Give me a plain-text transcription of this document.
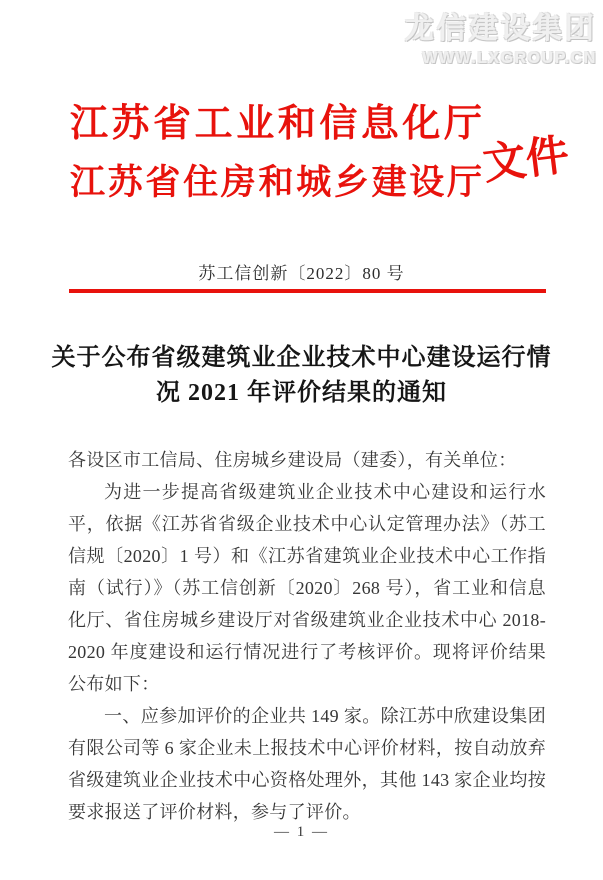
龙信建设集团
WWW.LXGROUP.CN
江苏省工业和信息化厅
江苏省住房和城乡建设厅
文件
苏工信创新〔2022〕80 号
关于公布省级建筑业企业技术中心建设运行情况 2021 年评价结果的通知

各设区市工信局、住房城乡建设局（建委），有关单位：

为进一步提高省级建筑业企业技术中心建设和运行水平，依据《江苏省省级企业技术中心认定管理办法》（苏工信规〔2020〕1 号）和《江苏省建筑业企业技术中心工作指南（试行）》（苏工信创新〔2020〕268 号），省工业和信息化厅、省住房城乡建设厅对省级建筑业企业技术中心 2018-2020 年度建设和运行情况进行了考核评价。现将评价结果公布如下：

一、应参加评价的企业共 149 家。除江苏中欣建设集团有限公司等 6 家企业未上报技术中心评价材料，按自动放弃省级建筑业企业技术中心资格处理外，其他 143 家企业均按要求报送了评价材料，参与了评价。

— 1 —
